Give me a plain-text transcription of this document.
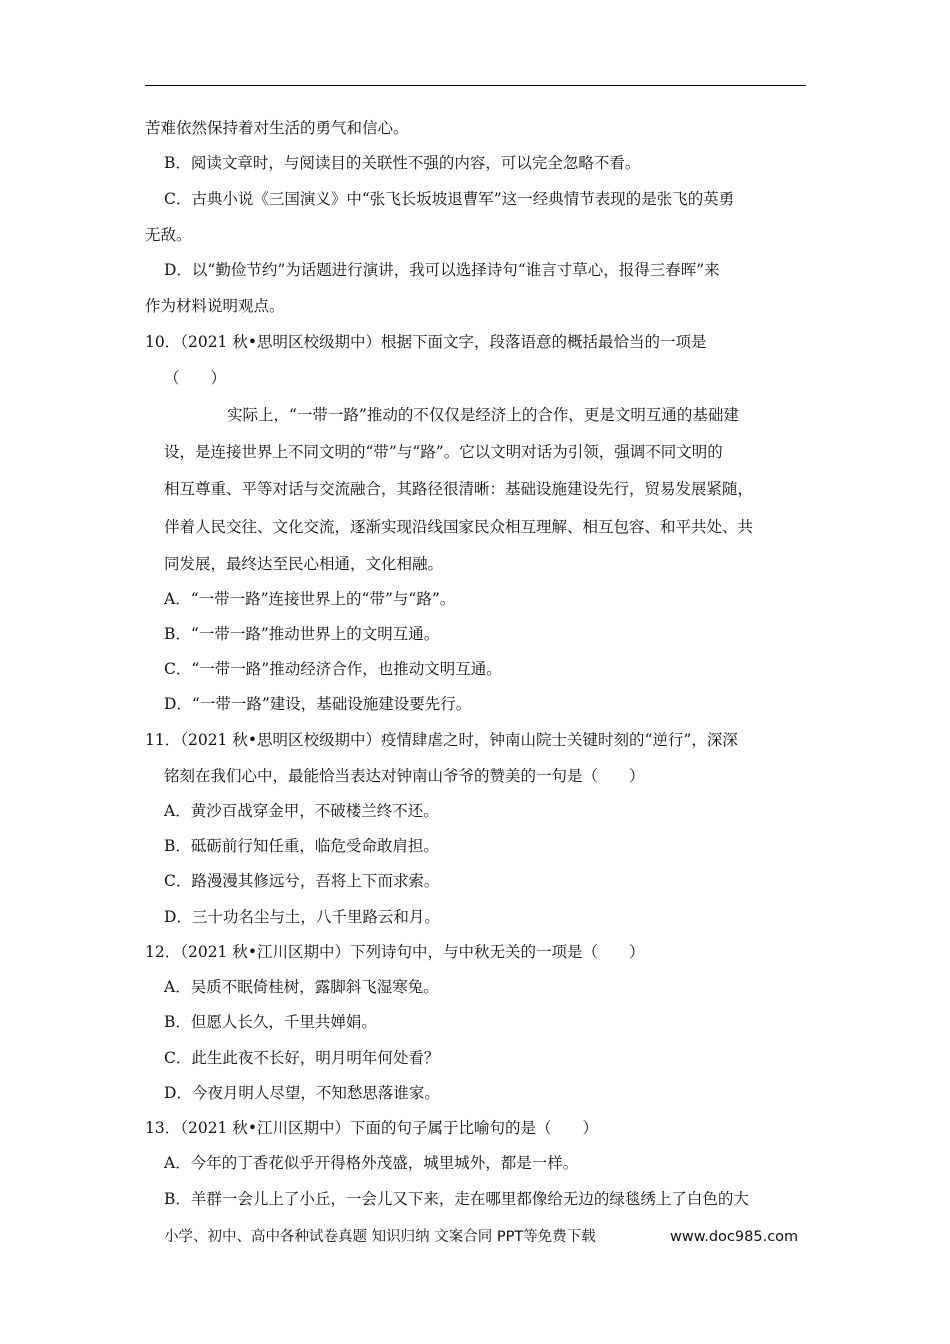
苦难依然保持着对生活的勇气和信心。
B．阅读文章时，与阅读目的关联性不强的内容，可以完全忽略不看。
C．古典小说《三国演义》中“张飞长坂坡退曹军”这一经典情节表现的是张飞的英勇
无敌。
D．以“勤俭节约”为话题进行演讲，我可以选择诗句“谁言寸草心，报得三春晖”来
作为材料说明观点。
10．（2021 秋•思明区校级期中）根据下面文字，段落语意的概括最恰当的一项是
（　　）
实际上，“一带一路”推动的不仅仅是经济上的合作，更是文明互通的基础建
设，是连接世界上不同文明的“带”与“路”。它以文明对话为引领，强调不同文明的
相互尊重、平等对话与交流融合，其路径很清晰：基础设施建设先行，贸易发展紧随，
伴着人民交往、文化交流，逐渐实现沿线国家民众相互理解、相互包容、和平共处、共
同发展，最终达至民心相通，文化相融。
A．“一带一路”连接世界上的“带”与“路”。
B．“一带一路”推动世界上的文明互通。
C．“一带一路”推动经济合作，也推动文明互通。
D．“一带一路”建设，基础设施建设要先行。
11．（2021 秋•思明区校级期中）疫情肆虐之时，钟南山院士关键时刻的“逆行”，深深
铭刻在我们心中，最能恰当表达对钟南山爷爷的赞美的一句是（　　）
A．黄沙百战穿金甲，不破楼兰终不还。
B．砥砺前行知任重，临危受命敢肩担。
C．路漫漫其修远兮，吾将上下而求索。
D．三十功名尘与土，八千里路云和月。
12．（2021 秋•江川区期中）下列诗句中，与中秋无关的一项是（　　）
A．吴质不眠倚桂树，露脚斜飞湿寒兔。
B．但愿人长久，千里共婵娟。
C．此生此夜不长好，明月明年何处看？
D．今夜月明人尽望，不知愁思落谁家。
13．（2021 秋•江川区期中）下面的句子属于比喻句的是（　　）
A．今年的丁香花似乎开得格外茂盛，城里城外，都是一样。
B．羊群一会儿上了小丘，一会儿又下来，走在哪里都像给无边的绿毯绣上了白色的大
小学、初中、高中各种试卷真题 知识归纳 文案合同 PPT等免费下载	www.doc985.com
